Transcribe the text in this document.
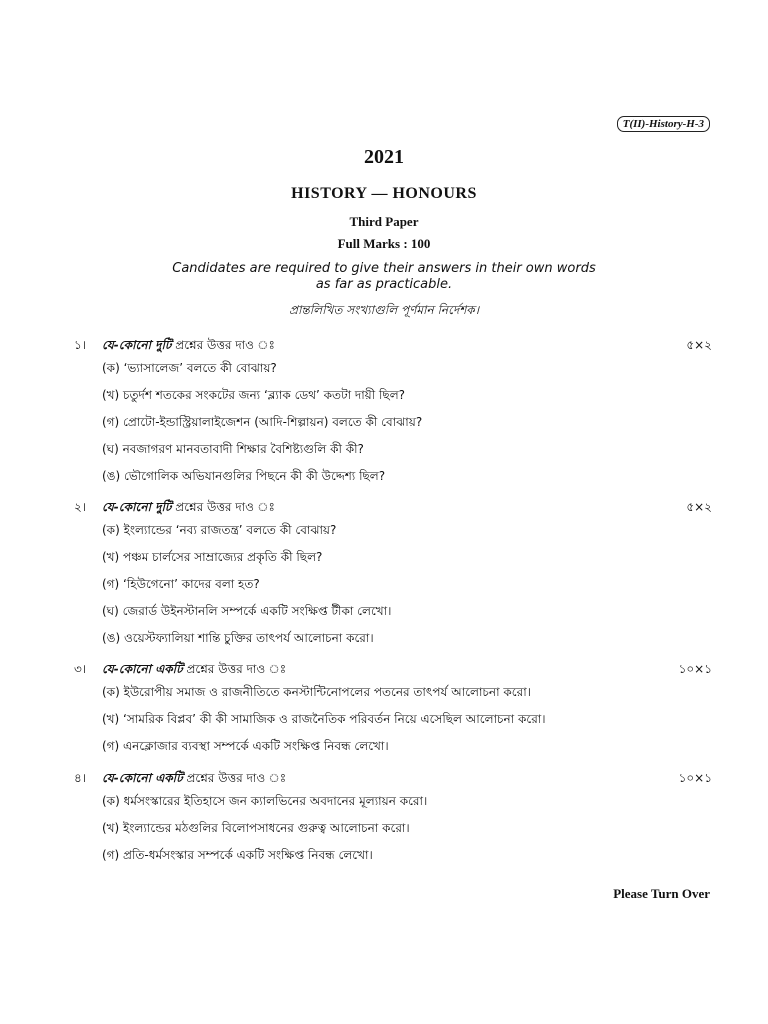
T(II)-History-H-3
2021
HISTORY — HONOURS
Third Paper
Full Marks : 100
Candidates are required to give their answers in their own words
as far as practicable.
প্রান্তলিখিত সংখ্যাগুলি পূর্ণমান নির্দেশক।
১। যে-কোনো দুটি প্রশ্নের উত্তর দাও ঃ	৫×২
(ক) ‘ভ্যাসালেজ’ বলতে কী বোঝায়?
(খ) চতুর্দশ শতকের সংকটের জন্য ‘ব্ল্যাক ডেথ’ কতটা দায়ী ছিল?
(গ) প্রোটো-ইন্ডাস্ট্রিয়ালাইজেশন (আদি-শিল্পায়ন) বলতে কী বোঝায়?
(ঘ) নবজাগরণ মানবতাবাদী শিক্ষার বৈশিষ্ট্যগুলি কী কী?
(ঙ) ভৌগোলিক অভিযানগুলির পিছনে কী কী উদ্দেশ্য ছিল?
২। যে-কোনো দুটি প্রশ্নের উত্তর দাও ঃ	৫×২
(ক) ইংল্যান্ডের ‘নব্য রাজতন্ত্র’ বলতে কী বোঝায়?
(খ) পঞ্চম চার্লসের সাম্রাজ্যের প্রকৃতি কী ছিল?
(গ) ‘হিউগেনো’ কাদের বলা হত?
(ঘ) জেরার্ড উইনস্টানলি সম্পর্কে একটি সংক্ষিপ্ত টীকা লেখো।
(ঙ) ওয়েস্টফ্যালিয়া শান্তি চুক্তির তাৎপর্য আলোচনা করো।
৩। যে-কোনো একটি প্রশ্নের উত্তর দাও ঃ	১০×১
(ক) ইউরোপীয় সমাজ ও রাজনীতিতে কনস্টান্টিনোপলের পতনের তাৎপর্য আলোচনা করো।
(খ) ‘সামরিক বিপ্লব’ কী কী সামাজিক ও রাজনৈতিক পরিবর্তন নিয়ে এসেছিল আলোচনা করো।
(গ) এনক্লোজার ব্যবস্থা সম্পর্কে একটি সংক্ষিপ্ত নিবন্ধ লেখো।
৪। যে-কোনো একটি প্রশ্নের উত্তর দাও ঃ	১০×১
(ক) ধর্মসংস্কারের ইতিহাসে জন ক্যালভিনের অবদানের মূল্যায়ন করো।
(খ) ইংল্যান্ডের মঠগুলির বিলোপসাধনের গুরুত্ব আলোচনা করো।
(গ) প্রতি-ধর্মসংস্কার সম্পর্কে একটি সংক্ষিপ্ত নিবন্ধ লেখো।
Please Turn Over
